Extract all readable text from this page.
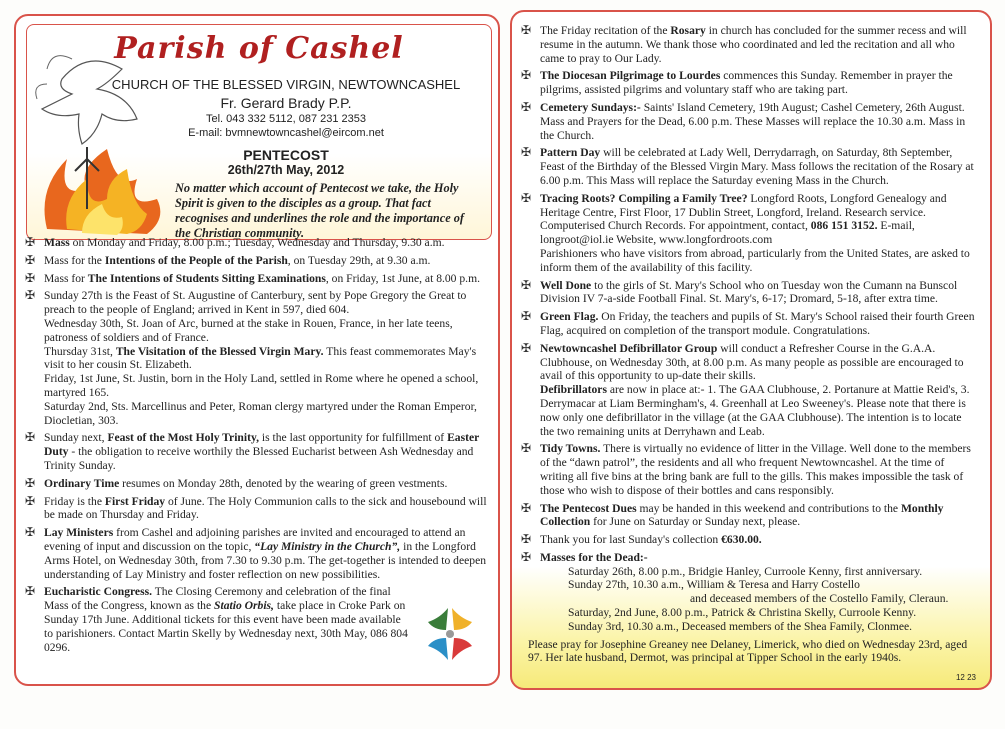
Parish of Cashel
CHURCH OF THE BLESSED VIRGIN, NEWTOWNCASHEL
Fr. Gerard Brady P.P.
Tel. 043 332 5112, 087 231 2353
E-mail: bvmnewtowncashel@eircom.net
PENTECOST
26th/27th May, 2012
No matter which account of Pentecost we take, the Holy Spirit is given to the disciples as a group. That fact recognises and underlines the role and the importance of the Christian community.
✠ Mass on Monday and Friday, 8.00 p.m.; Tuesday, Wednesday and Thursday, 9.30 a.m.

✠ Mass for the Intentions of the People of the Parish, on Tuesday 29th, at 9.30 a.m.

✠ Mass for The Intentions of Students Sitting Examinations, on Friday, 1st June, at 8.00 p.m.

✠ Sunday 27th is the Feast of St. Augustine of Canterbury, sent by Pope Gregory the Great to preach to the people of England; arrived in Kent in 597, died 604.

Wednesday 30th, St. Joan of Arc, burned at the stake in Rouen, France, in her late teens, patroness of soldiers and of France.

Thursday 31st, The Visitation of the Blessed Virgin Mary. This feast commemorates May's visit to her cousin St. Elizabeth.

Friday, 1st June, St. Justin, born in the Holy Land, settled in Rome where he opened a school, martyred 165.

Saturday 2nd, Sts. Marcellinus and Peter, Roman clergy martyred under the Roman Emperor, Diocletian, 303.

✠ Sunday next, Feast of the Most Holy Trinity, is the last opportunity for fulfillment of Easter Duty - the obligation to receive worthily the Blessed Eucharist between Ash Wednesday and Trinity Sunday.

✠ Ordinary Time resumes on Monday 28th, denoted by the wearing of green vestments.

✠ Friday is the First Friday of June. The Holy Communion calls to the sick and housebound will be made on Thursday and Friday.

✠ Lay Ministers from Cashel and adjoining parishes are invited and encouraged to attend an evening of input and discussion on the topic, “Lay Ministry in the Church”, in the Longford Arms Hotel, on Wednesday 30th, from 7.30 to 9.30 p.m. The get-together is intended to deepen understanding of Lay Ministry and foster reflection on new possibilities.

✠ Eucharistic Congress. The Closing Ceremony and celebration of the final Mass of the Congress, known as the Statio Orbis, take place in Croke Park on Sunday 17th June. Additional tickets for this event have been made available to parishioners. Contact Martin Skelly by Wednesday next, 30th May, 086 804 0296.

✠ The Friday recitation of the Rosary in church has concluded for the summer recess and will resume in the autumn. We thank those who coordinated and led the recitation and all who came to pray to Our Lady.

✠ The Diocesan Pilgrimage to Lourdes commences this Sunday. Remember in prayer the pilgrims, assisted pilgrims and voluntary staff who are taking part.

✠ Cemetery Sundays:- Saints' Island Cemetery, 19th August; Cashel Cemetery, 26th August. Mass and Prayers for the Dead, 6.00 p.m. These Masses will replace the 10.30 a.m. Mass in the Church.

✠ Pattern Day will be celebrated at Lady Well, Derrydarragh, on Saturday, 8th September, Feast of the Birthday of the Blessed Virgin Mary. Mass follows the recitation of the Rosary at 6.00 p.m. This Mass will replace the Saturday evening Mass in the Church.

✠ Tracing Roots? Compiling a Family Tree? Longford Roots, Longford Genealogy and Heritage Centre, First Floor, 17 Dublin Street, Longford, Ireland. Research service. Computerised Church Records. For appointment, contact, 086 151 3152. E-mail, longroot@iol.ie Website, www.longfordroots.com

Parishioners who have visitors from abroad, particularly from the United States, are asked to inform them of the availability of this facility.

✠ Well Done to the girls of St. Mary's School who on Tuesday won the Cumann na Bunscol Division IV 7-a-side Football Final. St. Mary's, 6-17; Dromard, 5-18, after extra time.

✠ Green Flag. On Friday, the teachers and pupils of St. Mary's School raised their fourth Green Flag, acquired on completion of the transport module. Congratulations.

✠ Newtowncashel Defibrillator Group will conduct a Refresher Course in the G.A.A. Clubhouse, on Wednesday 30th, at 8.00 p.m. As many people as possible are encouraged to avail of this opportunity to up-date their skills.

Defibrillators are now in place at:- 1. The GAA Clubhouse, 2. Portanure at Mattie Reid's, 3. Derrymacar at Liam Bermingham's, 4. Greenhall at Leo Sweeney's. Please note that there is now only one defibrillator in the village (at the GAA Clubhouse). The intention is to locate the two remaining units at Derryhawn and Leab.

✠ Tidy Towns. There is virtually no evidence of litter in the Village. Well done to the members of the “dawn patrol”, the residents and all who frequent Newtowncashel. At the time of writing all five bins at the bring bank are full to the gills. This makes impossible the task of those who wish to dispose of their bottles and cans responsibly.

✠ The Pentecost Dues may be handed in this weekend and contributions to the Monthly Collection for June on Saturday or Sunday next, please.

✠ Thank you for last Sunday's collection €630.00.

✠ Masses for the Dead:-

Saturday 26th, 8.00 p.m., Bridgie Hanley, Curroole Kenny, first anniversary.

Sunday 27th, 10.30 a.m., William & Teresa and Harry Costello

and deceased members of the Costello Family, Cleraun.

Saturday, 2nd June, 8.00 p.m., Patrick & Christina Skelly, Curroole Kenny.

Sunday 3rd, 10.30 a.m., Deceased members of the Shea Family, Clonmee.

Please pray for Josephine Greaney nee Delaney, Limerick, who died on Wednesday 23rd, aged 97. Her late husband, Dermot, was principal at Tipper School in the early 1940s.

12 23
